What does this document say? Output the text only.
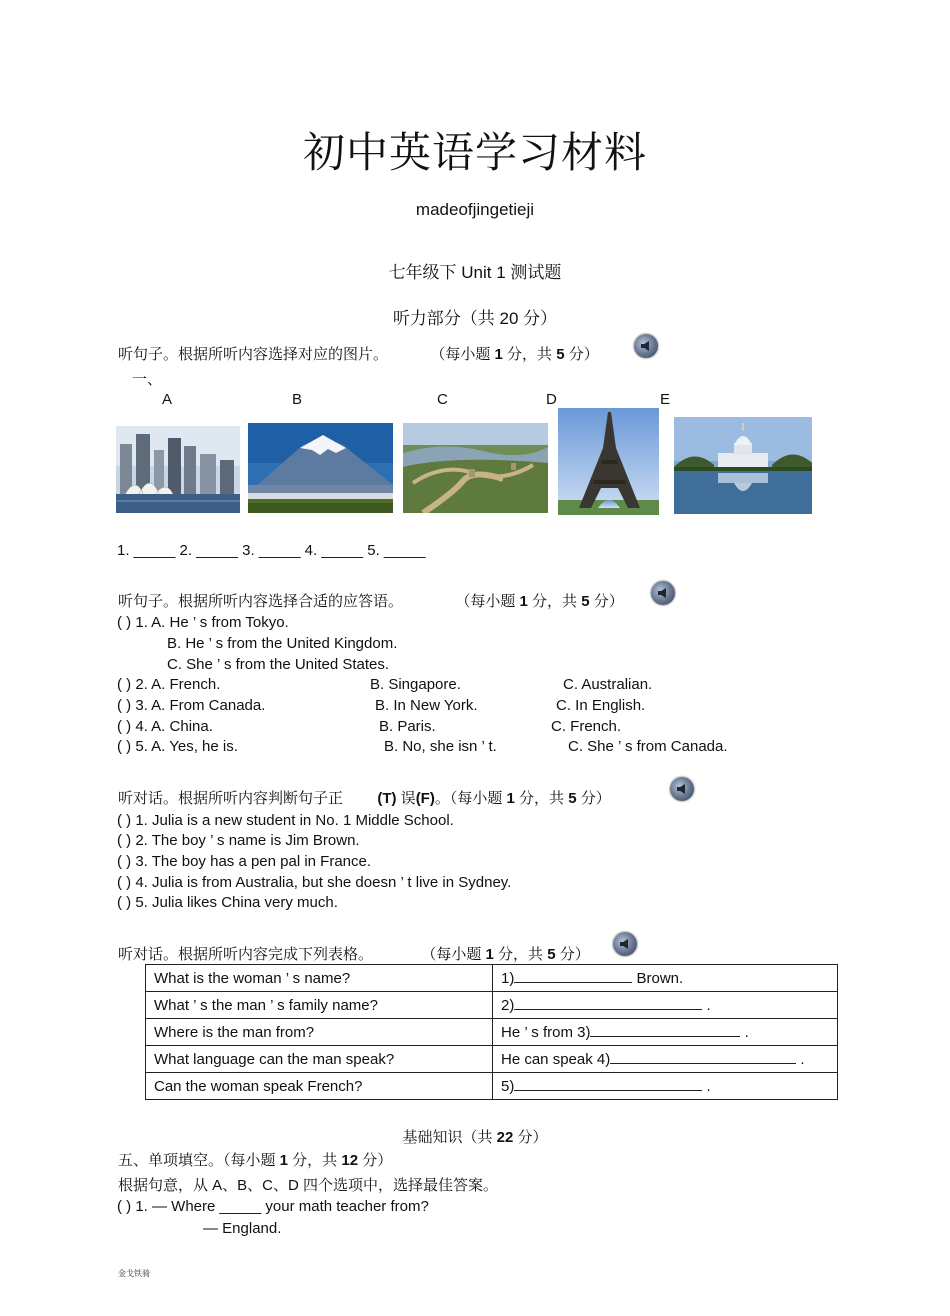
初中英语学习材料
madeofjingetieji
七年级下 Unit 1 测试题
听力部分（共 20 分）
听句子。根据所听内容选择对应的图片。	（每小题 1 分，共 5 分）
一、
A	B	C	D	E
1. _____ 2. _____ 3. _____ 4. _____ 5. _____
听句子。根据所听内容选择合适的应答语。	（每小题 1 分，共 5 分）
( ) 1. A. He ’ s from Tokyo.
B. He ’ s from the United Kingdom.
C. She ’ s from the United States.
( ) 2. A. French.	B. Singapore.	C. Australian.
( ) 3. A. From Canada.	B. In New York.	C. In English.
( ) 4. A. China.	B. Paris.	C. French.
( ) 5. A. Yes, he is.	B. No, she isn ’ t.	C. She ’ s from Canada.
听对话。根据所听内容判断句子正 (T) 误(F)。（每小题 1 分，共 5 分）
( ) 1. Julia is a new student in No. 1 Middle School.
( ) 2. The boy ’ s name is Jim Brown.
( ) 3. The boy has a pen pal in France.
( ) 4. Julia is from Australia, but she doesn ’ t live in Sydney.
( ) 5. Julia likes China very much.
听对话。根据所听内容完成下列表格。	（每小题 1 分，共 5 分）
What is the woman ’ s name?	1) Brown.
What ’ s the man ’ s family name?	2) .
Where is the man from?	He ’ s from 3) .
What language can the man speak?	He can speak 4) .
Can the woman speak French?	5) .
基础知识（共 22 分）
五、单项填空。（每小题 1 分，共 12 分）
根据句意，从 A、B、C、D 四个选项中，选择最佳答案。
( ) 1. — Where _____ your math teacher from?
— England.
金戈铁骑
